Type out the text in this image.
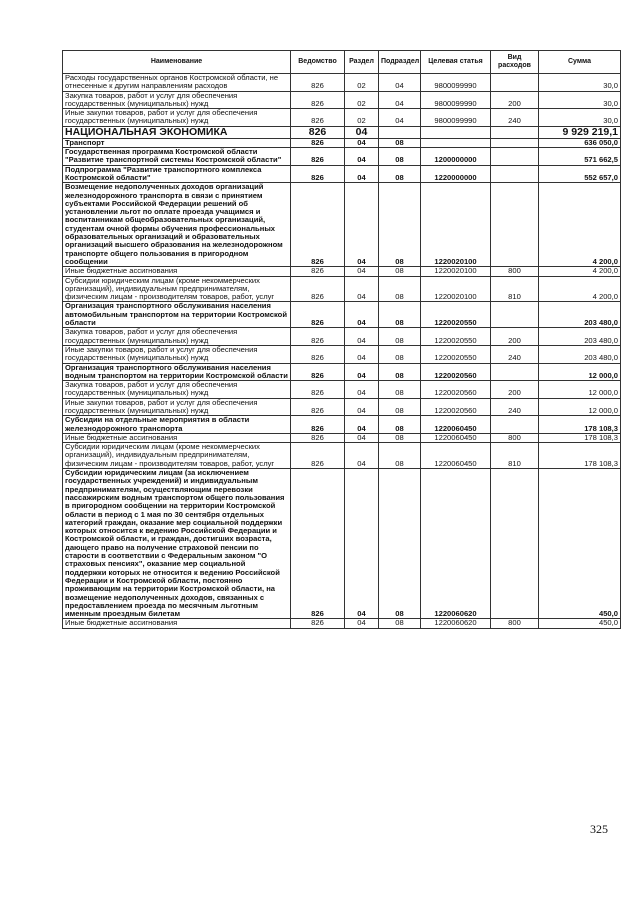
Наименование	Ведомство	Раздел	Подраздел	Целевая статья	Вид расходов	Сумма
Расходы государственных органов Костромской области, не отнесенные к другим направлениям расходов	826	02	04	9800099990		30,0
Закупка товаров, работ и услуг для обеспечения государственных (муниципальных) нужд	826	02	04	9800099990	200	30,0
Иные закупки товаров, работ и услуг для обеспечения государственных (муниципальных) нужд	826	02	04	9800099990	240	30,0
НАЦИОНАЛЬНАЯ ЭКОНОМИКА	826	04				9 929 219,1
Транспорт	826	04	08			636 050,0
Государственная программа Костромской области "Развитие транспортной системы Костромской области"	826	04	08	1200000000		571 662,5
Подпрограмма "Развитие транспортного комплекса Костромской области"	826	04	08	1220000000		552 657,0
Возмещение недополученных доходов организаций железнодорожного транспорта в связи с принятием субъектами Российской Федерации решений об установлении льгот по оплате проезда учащимся и воспитанникам общеобразовательных организаций, студентам очной формы обучения профессиональных образовательных организаций и образовательных организаций высшего образования на железнодорожном транспорте общего пользования в пригородном сообщении	826	04	08	1220020100		4 200,0
Иные бюджетные ассигнования	826	04	08	1220020100	800	4 200,0
Субсидии юридическим лицам (кроме некоммерческих организаций), индивидуальным предпринимателям, физическим лицам - производителям товаров, работ, услуг	826	04	08	1220020100	810	4 200,0
Организация транспортного обслуживания населения автомобильным транспортом на территории Костромской области	826	04	08	1220020550		203 480,0
Закупка товаров, работ и услуг для обеспечения государственных (муниципальных) нужд	826	04	08	1220020550	200	203 480,0
Иные закупки товаров, работ и услуг для обеспечения государственных (муниципальных) нужд	826	04	08	1220020550	240	203 480,0
Организация транспортного обслуживания населения водным транспортом на территории Костромской области	826	04	08	1220020560		12 000,0
Закупка товаров, работ и услуг для обеспечения государственных (муниципальных) нужд	826	04	08	1220020560	200	12 000,0
Иные закупки товаров, работ и услуг для обеспечения государственных (муниципальных) нужд	826	04	08	1220020560	240	12 000,0
Субсидии на отдельные мероприятия в области железнодорожного транспорта	826	04	08	1220060450		178 108,3
Иные бюджетные ассигнования	826	04	08	1220060450	800	178 108,3
Субсидии юридическим лицам (кроме некоммерческих организаций), индивидуальным предпринимателям, физическим лицам - производителям товаров, работ, услуг	826	04	08	1220060450	810	178 108,3
Субсидии юридическим лицам (за исключением государственных учреждений) и индивидуальным предпринимателям, осуществляющим перевозки пассажирским водным транспортом общего пользования в пригородном сообщении на территории Костромской области в период с 1 мая по 30 сентября отдельных категорий граждан, оказание мер социальной поддержки которых относится к ведению Российской Федерации и Костромской области, и граждан, достигших возраста, дающего право на получение страховой пенсии по старости в соответствии с Федеральным законом "О страховых пенсиях", оказание мер социальной поддержки которых не относится к ведению Российской Федерации и Костромской области, постоянно проживающим на территории Костромской области, на возмещение недополученных доходов, связанных с предоставлением проезда по месячным льготным именным проездным билетам	826	04	08	1220060620		450,0
Иные бюджетные ассигнования	826	04	08	1220060620	800	450,0
325
